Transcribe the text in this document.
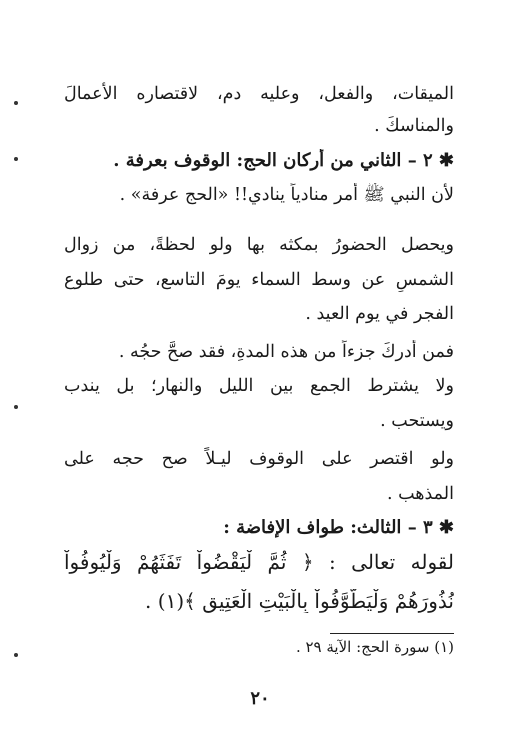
الميقات، والفعل، وعليه دم، لاقتصاره الأعمالَ
والمناسكَ .
✱ ٢ – الثاني من أركان الحج: الوقوف بعرفة .
لأن النبي ﷺ أمر منادياً ينادي!! «الحج عرفة» .
ويحصل الحضورُ بمكثه بها ولو لحظةً، من زوال
الشمسِ عن وسط السماء يومَ التاسع، حتى طلوع
الفجر في يوم العيد .
فمن أدركَ جزءاً من هذه المدةِ، فقد صحَّ حجُه .
ولا يشترط الجمع بين الليل والنهار؛ بل يندب
ويستحب .
ولو اقتصر على الوقوف ليـلاً صح حجه على
المذهب .
✱ ٣ – الثالث: طواف الإفاضة :
لقوله تعالى : ﴿ ثُمَّ لْيَقْضُواْ تَفَثَهُمْ وَلْيُوفُواْ
نُذُورَهُمْ وَلْيَطَّوَّفُواْ بِالْبَيْتِ الْعَتِيقِ ﴾(١) .
(١) سورة الحج: الآية ٢٩ .
٢٠
